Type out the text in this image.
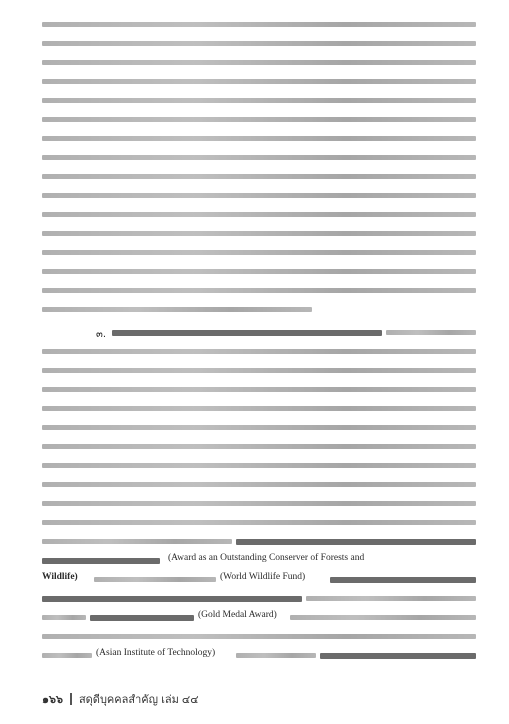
๓.
(Award as an Outstanding Conserver of Forests and
Wildlife)	(World Wildlife Fund)
(Gold Medal Award)
(Asian Institute of Technology)
๑๖๖ สดุดีบุคคลสำคัญ เล่ม ๔๔
